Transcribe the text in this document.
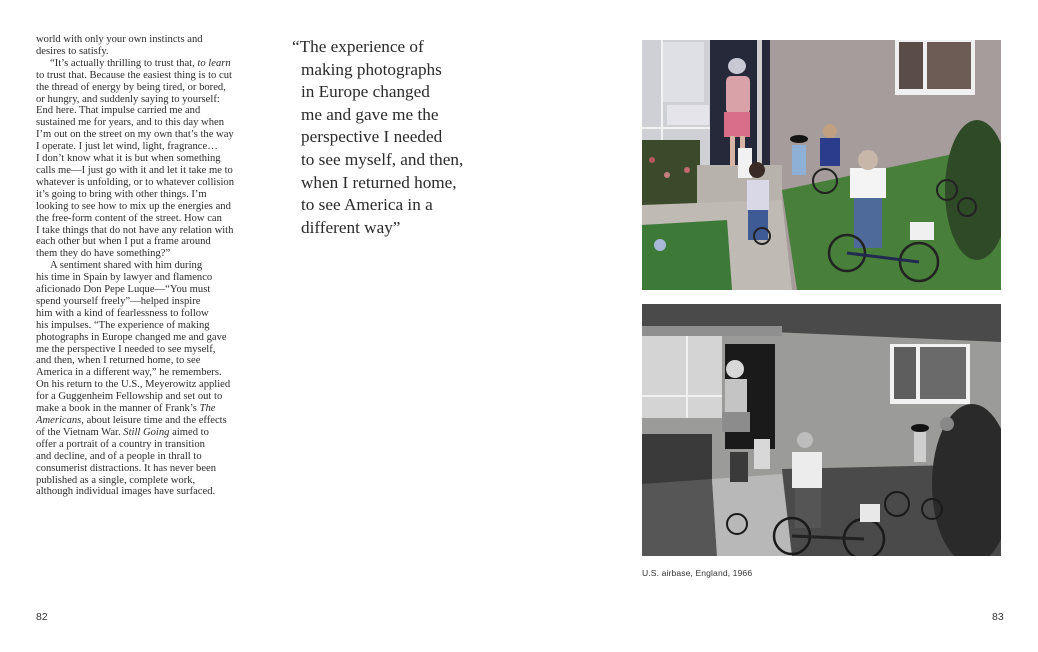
world with only your own instincts and
desires to satisfy.
“It’s actually thrilling to trust that, to learn
to trust that. Because the easiest thing is to cut
the thread of energy by being tired, or bored,
or hungry, and suddenly saying to yourself:
End here. That impulse carried me and
sustained me for years, and to this day when
I’m out on the street on my own that’s the way
I operate. I just let wind, light, fragrance…
I don’t know what it is but when something
calls me—I just go with it and let it take me to
whatever is unfolding, or to whatever collision
it’s going to bring with other things. I’m
looking to see how to mix up the energies and
the free-form content of the street. How can
I take things that do not have any relation with
each other but when I put a frame around
them they do have something?”
A sentiment shared with him during
his time in Spain by lawyer and flamenco
aficionado Don Pepe Luque—“You must
spend yourself freely”—helped inspire
him with a kind of fearlessness to follow
his impulses. “The experience of making
photographs in Europe changed me and gave
me the perspective I needed to see myself,
and then, when I returned home, to see
America in a different way,” he remembers.
On his return to the U.S., Meyerowitz applied
for a Guggenheim Fellowship and set out to
make a book in the manner of Frank’s The
Americans, about leisure time and the effects
of the Vietnam War. Still Going aimed to
offer a portrait of a country in transition
and decline, and of a people in thrall to
consumerist distractions. It has never been
published as a single, complete work,
although individual images have surfaced.
“The experience of
making photographs
in Europe changed
me and gave me the
perspective I needed
to see myself, and then,
when I returned home,
to see America in a
different way”
82
U.S. airbase, England, 1966
83
